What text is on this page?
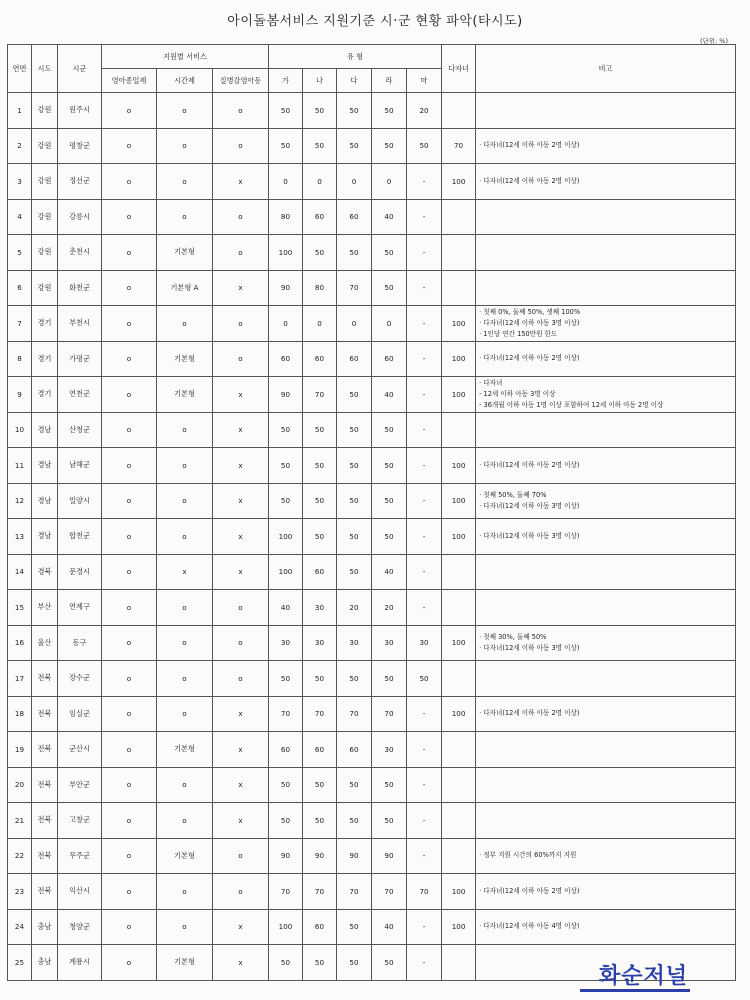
아이돌봄서비스 지원기준 시·군 현황 파악(타시도)
(단위: %)
연번	시도	시군	지원별 서비스			유 형					다자녀	비고
			영아종일제	시간제	질병감염아동	가	나	다	라	마		
1	강원	원주시	o	o	o	50	50	50	50	20		
2	강원	평창군	o	o	o	50	50	50	50	50	70	· 다자녀(12세 이하 아동 2명 이상)

3	강원	정선군	o	o	x	0	0	0	0	-	100	· 다자녀(12세 이하 아동 2명 이상)

4	강원	강릉시	o	o	o	80	60	60	40	-		
5	강원	춘천시	o	기본형	o	100	50	50	50	-		
6	강원	화천군	o	기본형 A	x	90	80	70	50	-		
7	경기	부천시	o	o	o	0	0	0	0	-	100	· 첫째 0%, 둘째 50%, 셋째 100%
· 다자녀(12세 이하 아동 3명 이상)
· 1인당 연간 150만원 한도

8	경기	가평군	o	기본형	o	60	60	60	60	-	100	· 다자녀(12세 이하 아동 2명 이상)

9	경기	연천군	o	기본형	x	90	70	50	40	-	100	· 다자녀
- 12세 이하 아동 3명 이상
- 36개월 이하 아동 1명 이상 포함하여 12세 이하 아동 2명 이상

10	경남	산청군	o	o	x	50	50	50	50	-		
11	경남	남해군	o	o	x	50	50	50	50	-	100	· 다자녀(12세 이하 아동 2명 이상)

12	경남	밀양시	o	o	x	50	50	50	50	-	100	· 첫째 50%, 둘째 70%
· 다자녀(12세 이하 아동 3명 이상)

13	경남	합천군	o	o	x	100	50	50	50	-	100	· 다자녀(12세 이하 아동 3명 이상)

14	경북	문경시	o	x	x	100	60	50	40	-		
15	부산	연제구	o	o	o	40	30	20	20	-		
16	울산	동구	o	o	o	30	30	30	30	30	100	· 첫째 30%, 둘째 50%
· 다자녀(12세 이하 아동 3명 이상)

17	전북	장수군	o	o	o	50	50	50	50	50		
18	전북	임실군	o	o	x	70	70	70	70	-	100	· 다자녀(12세 이하 아동 2명 이상)

19	전북	군산시	o	기본형	x	60	60	60	30	-		
20	전북	부안군	o	o	x	50	50	50	50	-		
21	전북	고창군	o	o	x	50	50	50	50	-		
22	전북	무주군	o	기본형	o	90	90	90	90	-		· 정부 지원 시간의 60%까지 지원

23	전북	익산시	o	o	o	70	70	70	70	70	100	· 다자녀(12세 이하 아동 2명 이상)

24	충남	청양군	o	o	x	100	60	50	40	-	100	· 다자녀(12세 이하 아동 4명 이상)

25	충남	계룡시	o	기본형	x	50	50	50	50	-		
화순저널
